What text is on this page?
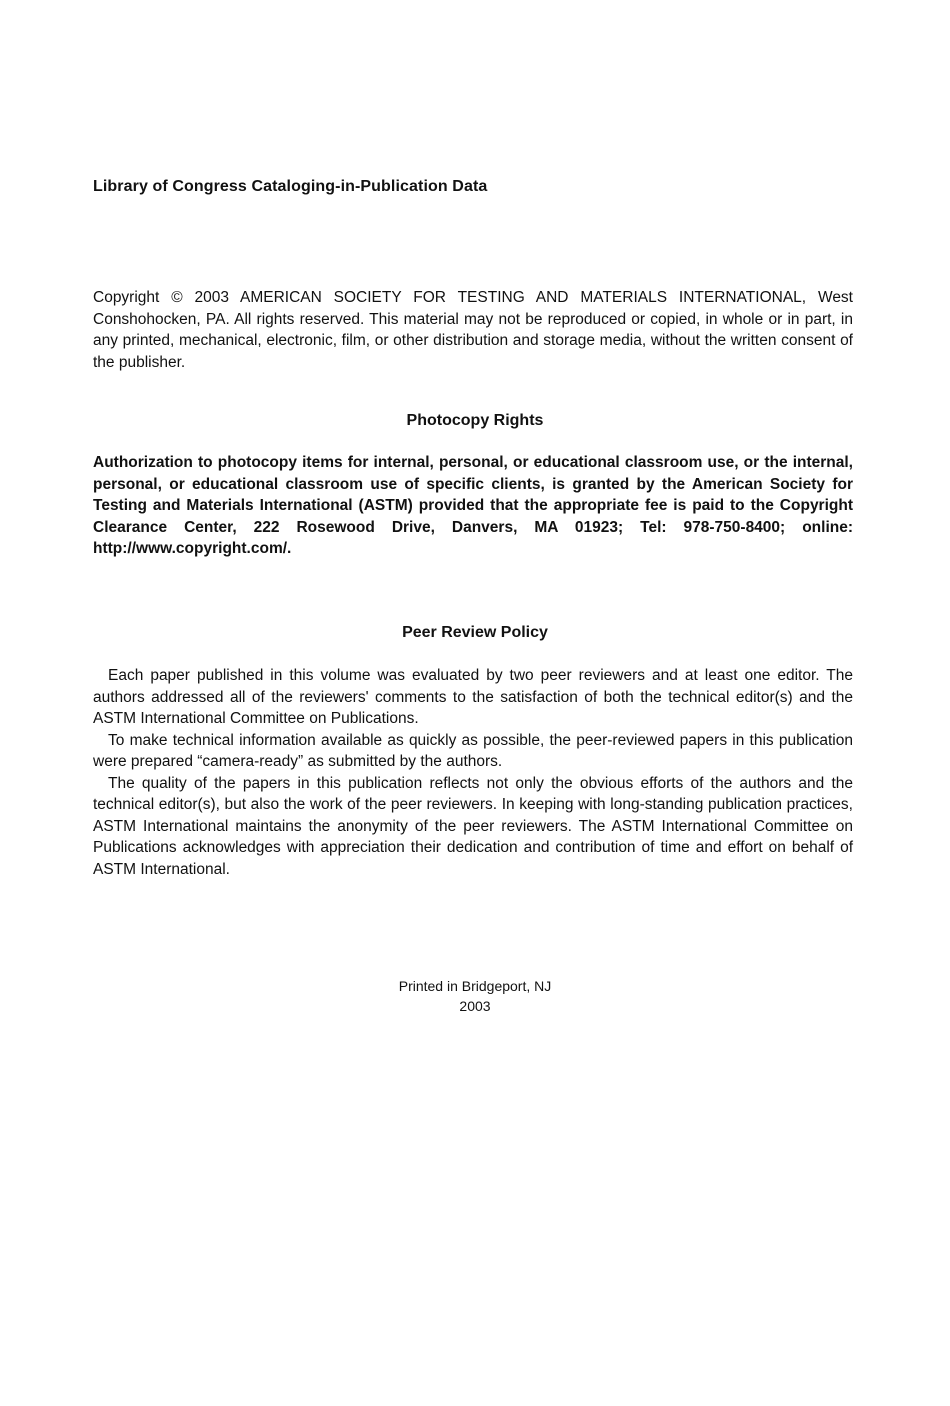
Library of Congress Cataloging-in-Publication Data
Copyright © 2003 AMERICAN SOCIETY FOR TESTING AND MATERIALS INTERNATIONAL, West Conshohocken, PA. All rights reserved. This material may not be reproduced or copied, in whole or in part, in any printed, mechanical, electronic, film, or other distribution and storage media, without the written consent of the publisher.
Photocopy Rights
Authorization to photocopy items for internal, personal, or educational classroom use, or the internal, personal, or educational classroom use of specific clients, is granted by the American Society for Testing and Materials International (ASTM) provided that the appropriate fee is paid to the Copyright Clearance Center, 222 Rosewood Drive, Danvers, MA 01923; Tel: 978-750-8400; online: http://www.copyright.com/.
Peer Review Policy

Each paper published in this volume was evaluated by two peer reviewers and at least one editor. The authors addressed all of the reviewers' comments to the satisfaction of both the technical editor(s) and the ASTM International Committee on Publications.

To make technical information available as quickly as possible, the peer-reviewed papers in this publication were prepared “camera-ready” as submitted by the authors.

The quality of the papers in this publication reflects not only the obvious efforts of the authors and the technical editor(s), but also the work of the peer reviewers. In keeping with long-standing publication practices, ASTM International maintains the anonymity of the peer reviewers. The ASTM International Committee on Publications acknowledges with appreciation their dedication and contribution of time and effort on behalf of ASTM International.

Printed in Bridgeport, NJ
2003
